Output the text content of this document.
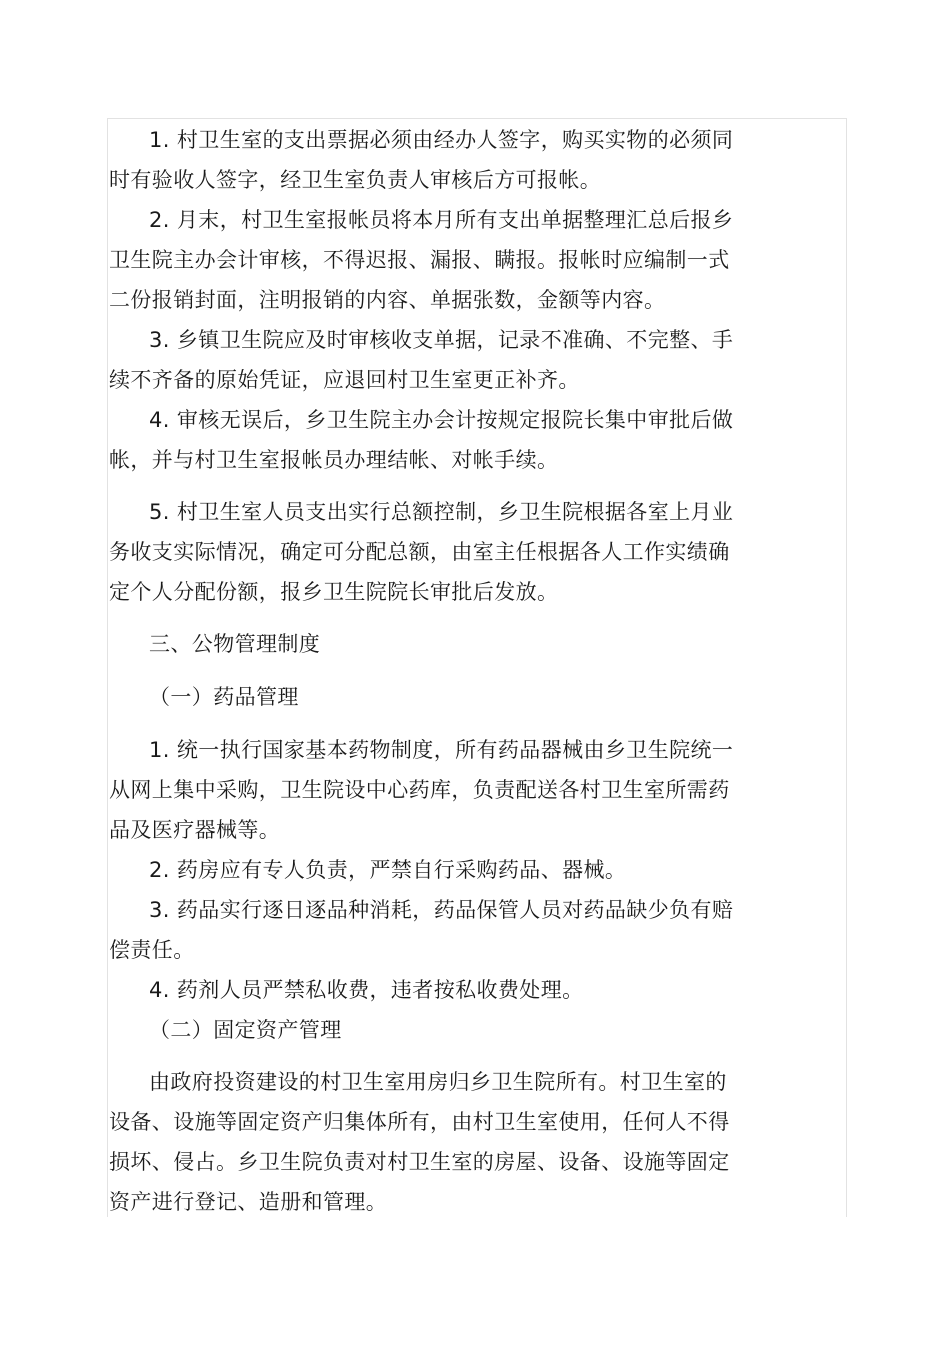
1. 村卫生室的支出票据必须由经办人签字，购买实物的必须同
时有验收人签字，经卫生室负责人审核后方可报帐。

2. 月末，村卫生室报帐员将本月所有支出单据整理汇总后报乡
卫生院主办会计审核，不得迟报、漏报、瞒报。报帐时应编制一式
二份报销封面，注明报销的内容、单据张数，金额等内容。

3. 乡镇卫生院应及时审核收支单据，记录不准确、不完整、手
续不齐备的原始凭证，应退回村卫生室更正补齐。

4. 审核无误后，乡卫生院主办会计按规定报院长集中审批后做
帐，并与村卫生室报帐员办理结帐、对帐手续。

5. 村卫生室人员支出实行总额控制，乡卫生院根据各室上月业
务收支实际情况，确定可分配总额，由室主任根据各人工作实绩确
定个人分配份额，报乡卫生院院长审批后发放。

三、公物管理制度

（一）药品管理

1. 统一执行国家基本药物制度，所有药品器械由乡卫生院统一
从网上集中采购，卫生院设中心药库，负责配送各村卫生室所需药
品及医疗器械等。

2. 药房应有专人负责，严禁自行采购药品、器械。

3. 药品实行逐日逐品种消耗，药品保管人员对药品缺少负有赔
偿责任。

4. 药剂人员严禁私收费，违者按私收费处理。

（二）固定资产管理

由政府投资建设的村卫生室用房归乡卫生院所有。村卫生室的
设备、设施等固定资产归集体所有，由村卫生室使用，任何人不得
损坏、侵占。乡卫生院负责对村卫生室的房屋、设备、设施等固定
资产进行登记、造册和管理。
